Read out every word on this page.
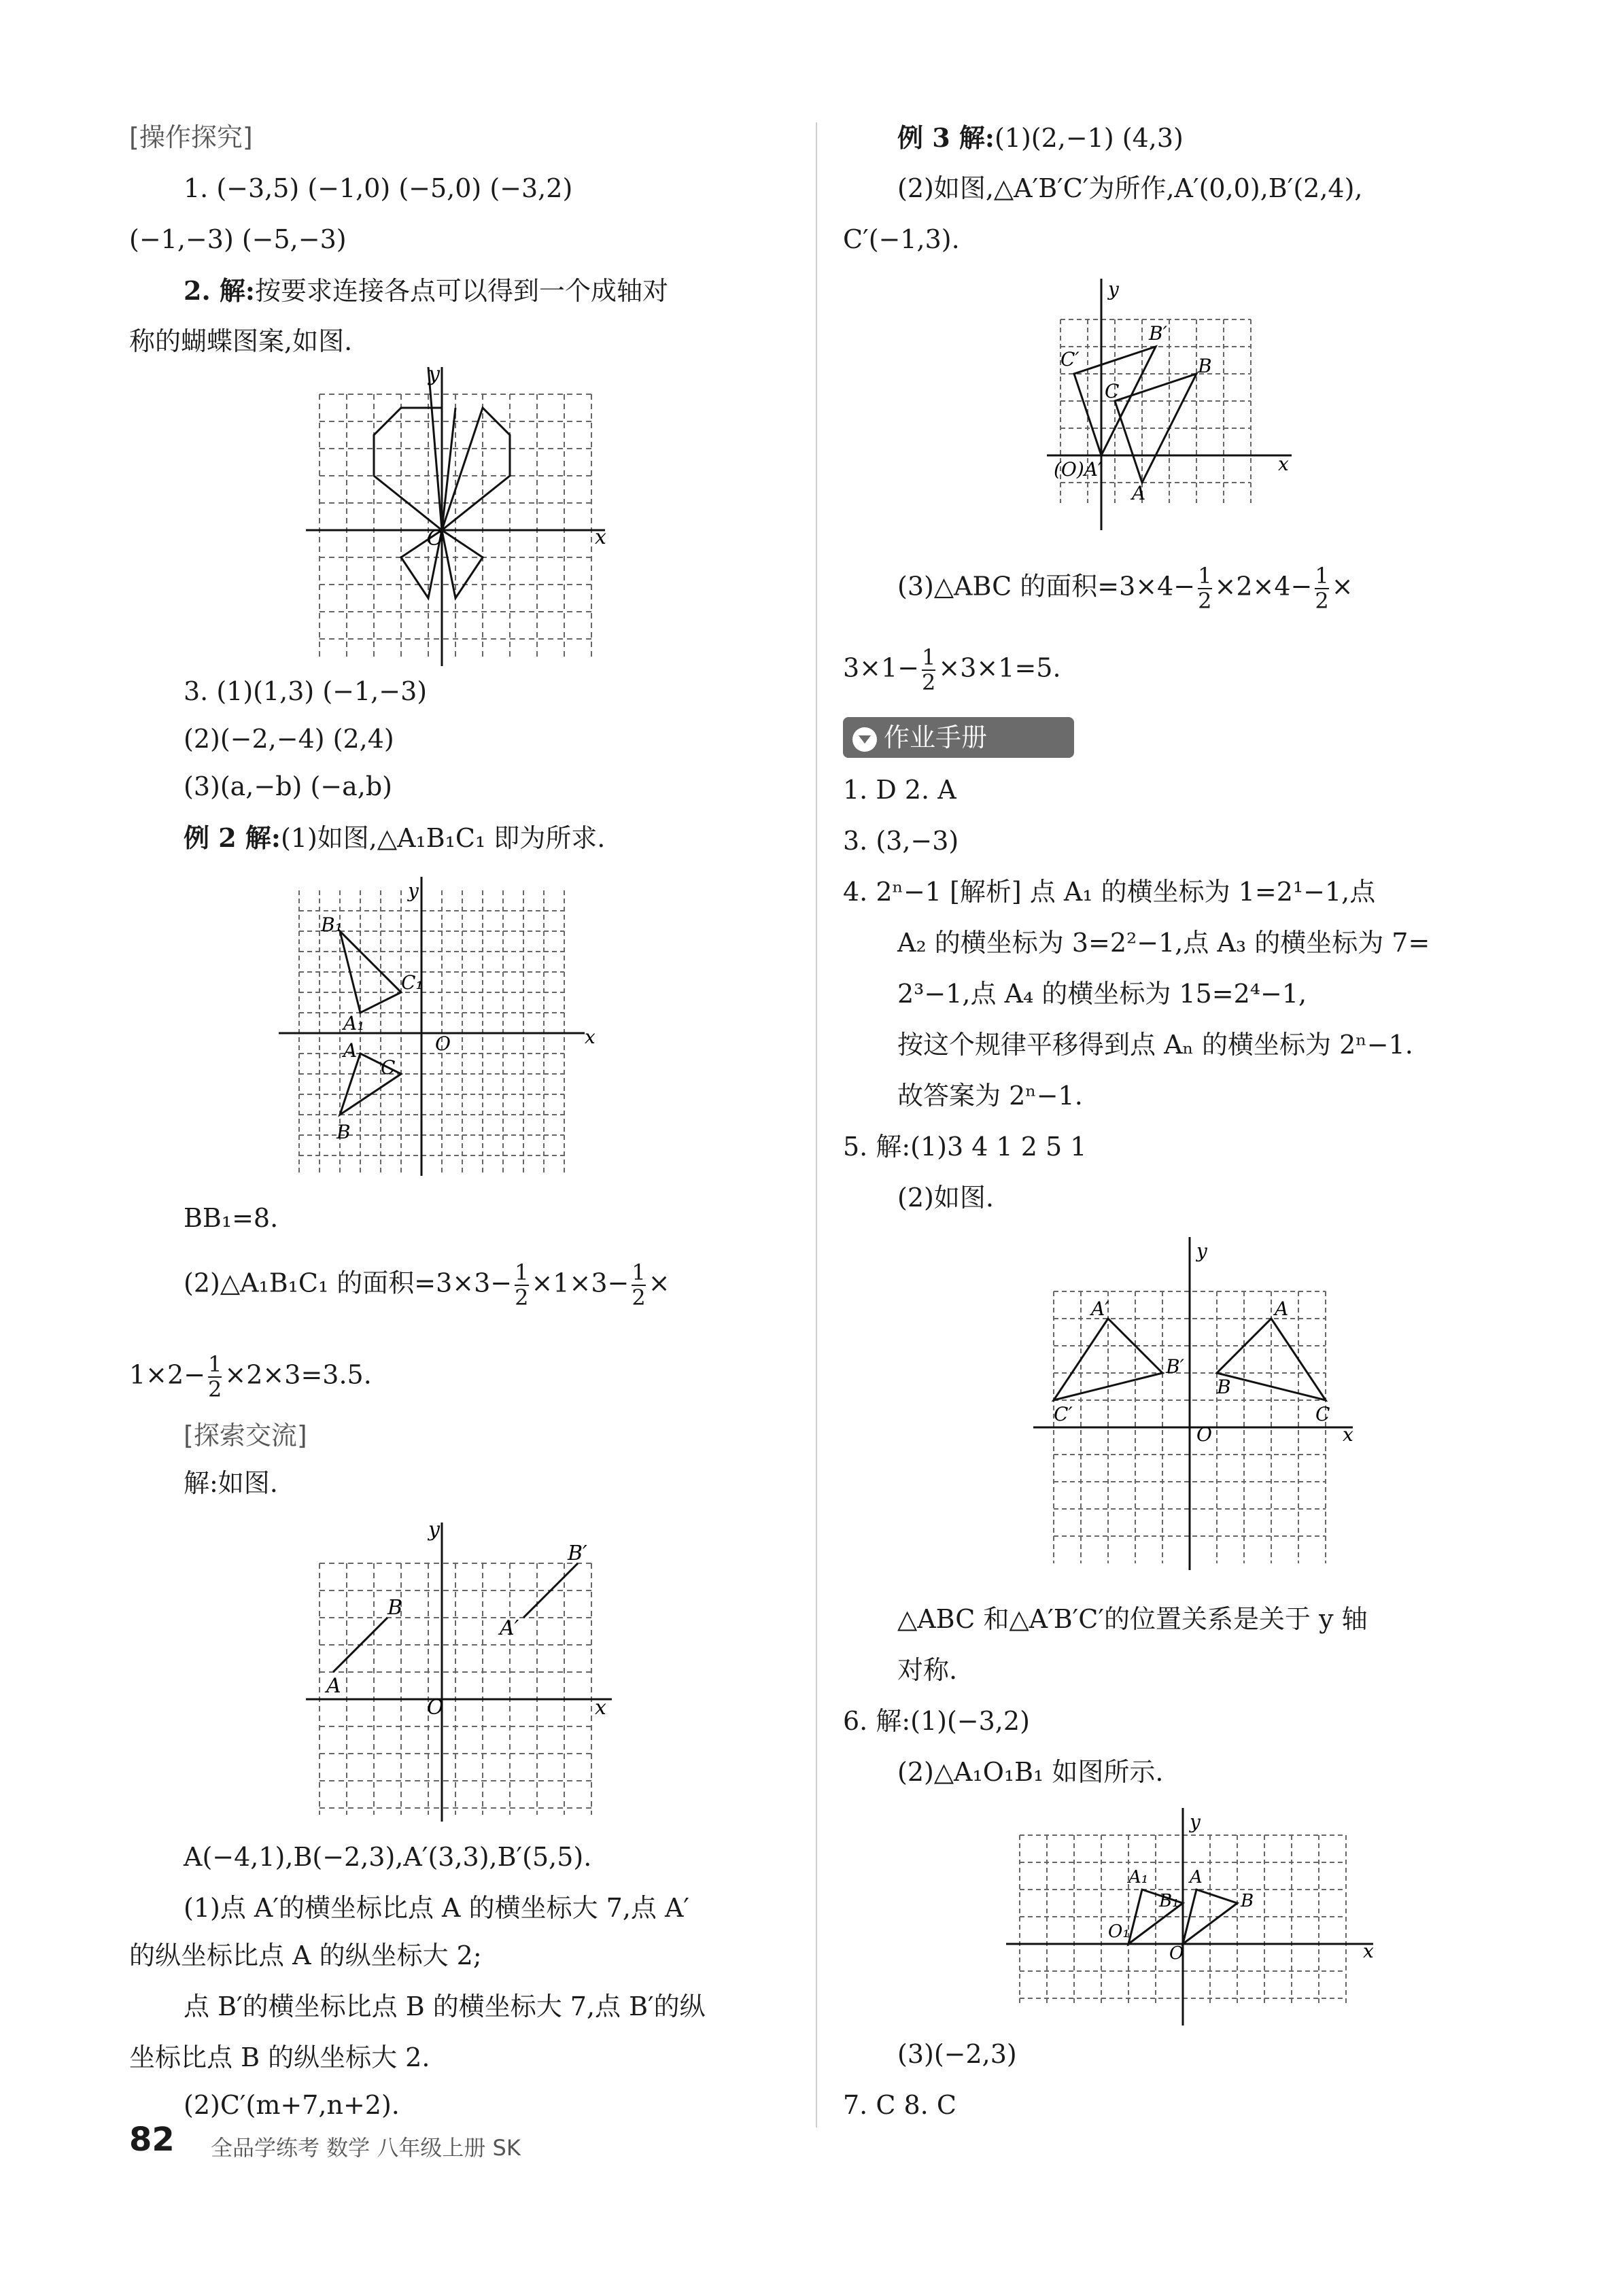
[操作探究]
1. (−3,5) (−1,0) (−5,0) (−3,2)
(−1,−3) (−5,−3)
2. 解:按要求连接各点可以得到一个成轴对
称的蝴蝶图案,如图.
x
y
O
3. (1)(1,3) (−1,−3)
(2)(−2,−4) (2,4)
(3)(a,−b) (−a,b)
例 2 解:(1)如图,△A₁B₁C₁ 即为所求.
x
y
B₁
C₁
A₁
A
C
B
O
BB₁=8.
(2)△A₁B₁C₁ 的面积$=3\times 3- \frac{1}{2} \times 1\times 3- \frac{1}{2}$ ×
$1\times 2- \frac{1}{2} \times 2\times 3=3.5$.
[探索交流]
解:如图.
x
y
A
B
A′
B′
O
A(−4,1),B(−2,3),A′(3,3),B′(5,5).
(1)点 A′的横坐标比点 A 的横坐标大 7,点 A′
的纵坐标比点 A 的纵坐标大 2;
点 B′的横坐标比点 B 的横坐标大 7,点 B′的纵
坐标比点 B 的纵坐标大 2.
(2)C′(m+7,n+2).
例 3 解:(1)(2,−1) (4,3)
(2)如图,△A′B′C′为所作,A′(0,0),B′(2,4),
C′(−1,3).
x
y
C′
B′
B
C
(O)A′
A
(3)△ABC 的面积$=3\times 4- \frac{1}{2} \times 2\times 4- \frac{1}{2}$ ×
$3\times 1- \frac{1}{2} \times 3\times 1=5$.
作业手册
1. D 2. A
3. (3,−3)
4. 2ⁿ−1 [解析] 点 A₁ 的横坐标为 1=2¹−1,点
A₂ 的横坐标为 3=2²−1,点 A₃ 的横坐标为 7=
2³−1,点 A₄ 的横坐标为 15=2⁴−1,
按这个规律平移得到点 Aₙ 的横坐标为 2ⁿ−1.
故答案为 2ⁿ−1.
5. 解:(1)3 4 1 2 5 1
(2)如图.
x
y
A
B
C
A′
B′
C′
O
△ABC 和△A′B′C′的位置关系是关于 y 轴
对称.
6. 解:(1)(−3,2)
(2)△A₁O₁B₁ 如图所示.
x
y
A
B
O
A₁
B₁
O₁
(3)(−2,3)
7. C 8. C
82 全品学练考 数学 八年级上册 SK
